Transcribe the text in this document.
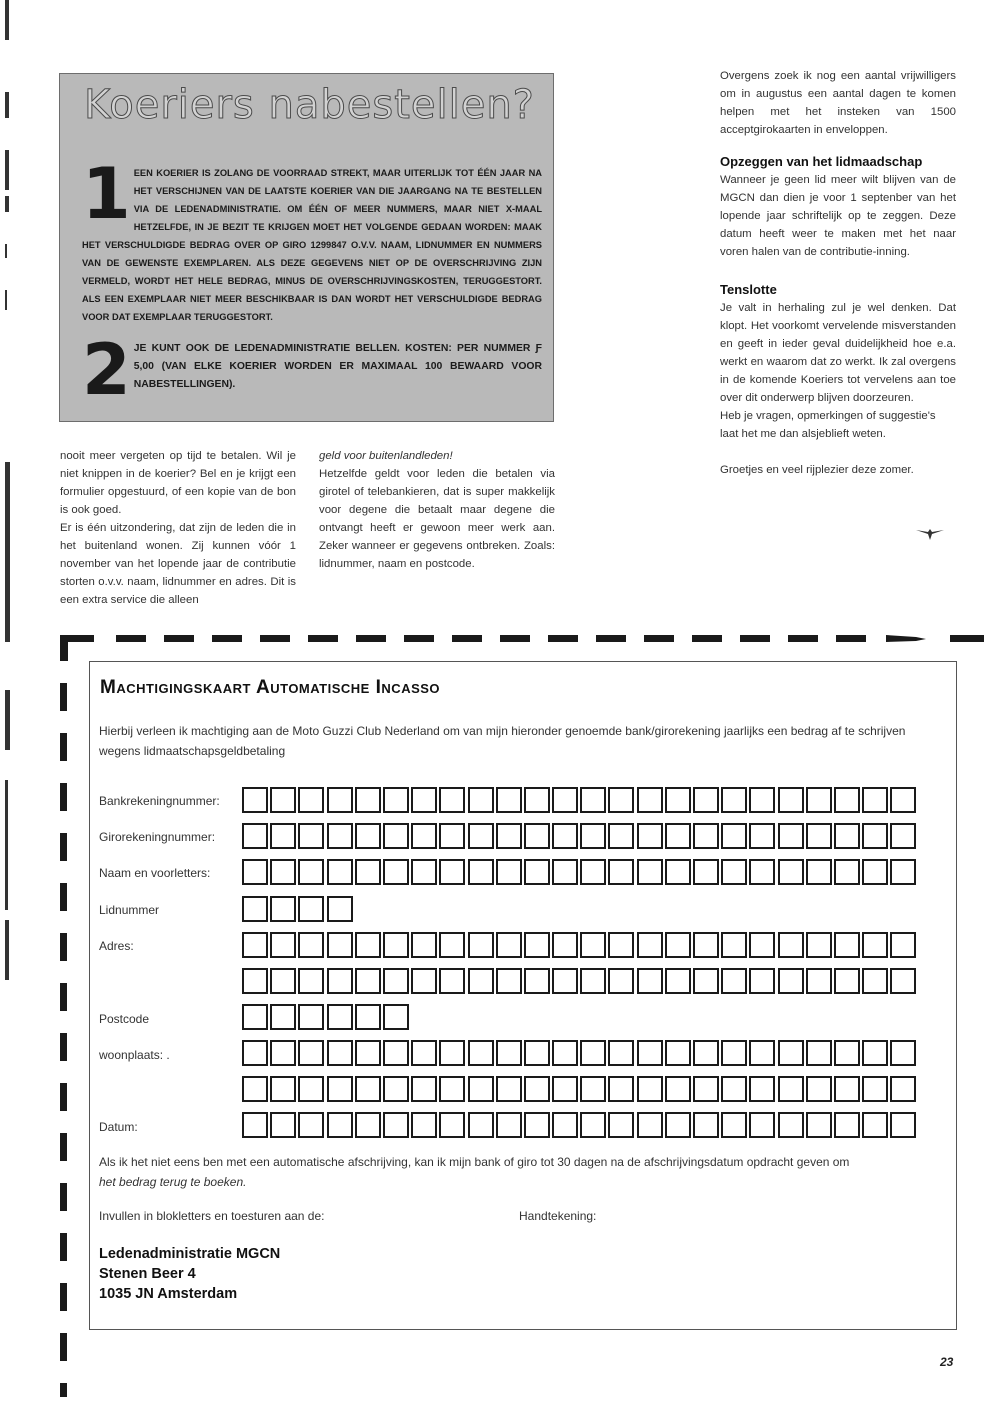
Koeriers nabestellen?
1 EEN KOERIER IS ZOLANG DE VOORRAAD STREKT, MAAR UITERLIJK TOT ÉÉN JAAR NA HET VERSCHIJNEN VAN DE LAATSTE KOERIER VAN DIE JAARGANG NA TE BESTELLEN VIA DE LEDENADMINISTRATIE. OM ÉÉN OF MEER NUMMERS, MAAR NIET X-MAAL HETZELFDE, IN JE BEZIT TE KRIJGEN MOET HET VOLGENDE GEDAAN WORDEN: MAAK HET VERSCHULDIGDE BEDRAG OVER OP GIRO 1299847 O.V.V. NAAM, LIDNUMMER EN NUMMERS VAN DE GEWENSTE EXEMPLAREN. ALS DEZE GEGEVENS NIET OP DE OVERSCHRIJVING ZIJN VERMELD, WORDT HET HELE BEDRAG, MINUS DE OVERSCHRIJVINGSKOSTEN, TERUGGESTORT. ALS EEN EXEMPLAAR NIET MEER BESCHIKBAAR IS DAN WORDT HET VERSCHULDIGDE BEDRAG VOOR DAT EXEMPLAAR TERUGGESTORT.

2 JE KUNT OOK DE LEDENADMINISTRATIE BELLEN. KOSTEN: PER NUMMER Ƒ 5,00 (VAN ELKE KOERIER WORDEN ER MAXIMAAL 100 BEWAARD VOOR NABESTELLINGEN).

nooit meer vergeten op tijd te betalen. Wil je niet knippen in de koerier? Bel en je krijgt een formulier opgestuurd, of een kopie van de bon is ook goed.

Er is één uitzondering, dat zijn de leden die in het buitenland wonen. Zij kunnen vóór 1 november van het lopende jaar de contributie storten o.v.v. naam, lidnummer en adres. Dit is een extra service die alleen

geld voor buitenlandleden!

Hetzelfde geldt voor leden die betalen via girotel of telebankieren, dat is super makkelijk voor degene die betaalt maar degene die ontvangt heeft er gewoon meer werk aan. Zeker wanneer er gegevens ontbreken. Zoals: lidnummer, naam en postcode.

Overgens zoek ik nog een aantal vrijwilligers om in augustus een aantal dagen te komen helpen met het insteken van 1500 acceptgirokaarten in enveloppen.

Opzeggen van het lidmaadschap

Wanneer je geen lid meer wilt blijven van de MGCN dan dien je voor 1 septenber van het lopende jaar schriftelijk op te zeggen. Deze datum heeft weer te maken met het naar voren halen van de contributie-inning.

Tenslotte

Je valt in herhaling zul je wel denken. Dat klopt. Het voorkomt vervelende misverstanden en geeft in ieder geval duidelijkheid hoe e.a. werkt en waarom dat zo werkt. Ik zal overgens in de komende Koeriers tot vervelens aan toe over dit onderwerp blijven doorzeuren.

Heb je vragen, opmerkingen of suggestie's laat het me dan alsjeblieft weten.

Groetjes en veel rijplezier deze zomer.

Machtigingskaart Automatische Incasso

Hierbij verleen ik machtiging aan de Moto Guzzi Club Nederland om van mijn hieronder genoemde bank/girorekening jaarlijks een bedrag af te schrijven wegens lidmaatschapsgeldbetaling

Bankrekeningnummer:
Girorekeningnummer:
Naam en voorletters:
Lidnummer
Adres:
Postcode
woonplaats: .
Datum:

Als ik het niet eens ben met een automatische afschrijving, kan ik mijn bank of giro tot 30 dagen na de afschrijvingsdatum opdracht geven om
het bedrag terug te boeken.

Invullen in blokletters en toesturen aan de:	Handtekening:
Ledenadministratie MGCN
Stenen Beer 4
1035 JN Amsterdam
23
